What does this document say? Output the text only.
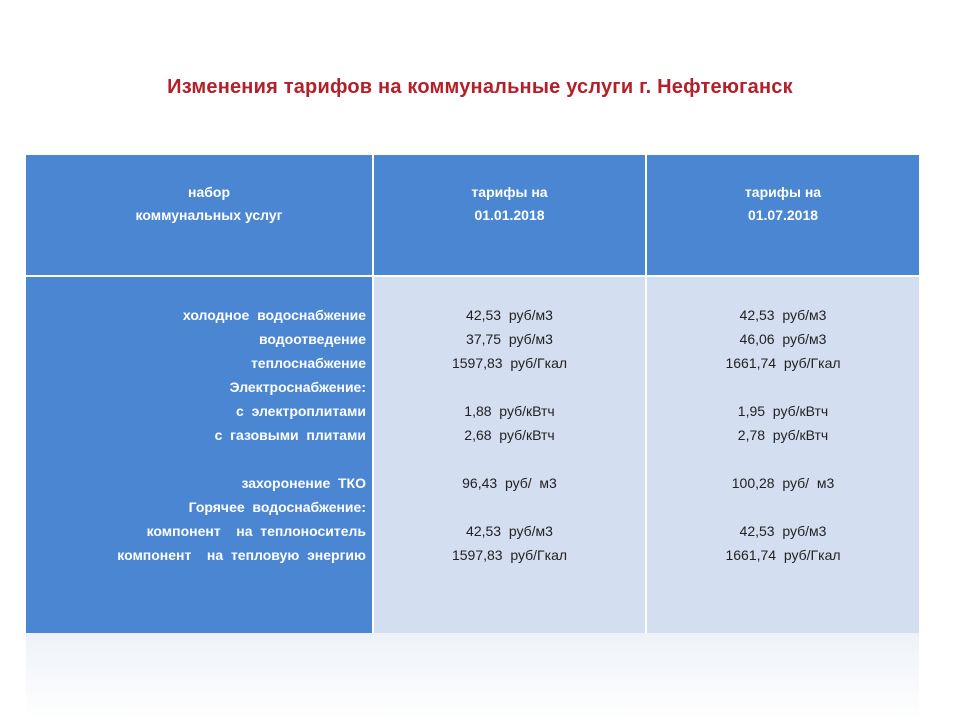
Изменения тарифов на коммунальные услуги г. Нефтеюганск
набор
коммунальных услуг
тарифы на
01.01.2018
тарифы на
01.07.2018
холодное  водоснабжение
водоотведение
теплоснабжение
Электроснабжение:
с  электроплитами
с  газовыми  плитами
захоронение  ТКО
Горячее  водоснабжение:
компонент    на  теплоноситель
компонент    на  тепловую  энергию
42,53  руб/м3
37,75  руб/м3
1597,83  руб/Гкал
1,88  руб/кВтч
2,68  руб/кВтч
96,43  руб/  м3
42,53  руб/м3
1597,83  руб/Гкал
42,53  руб/м3
46,06  руб/м3
1661,74  руб/Гкал
1,95  руб/кВтч
2,78  руб/кВтч
100,28  руб/  м3
42,53  руб/м3
1661,74  руб/Гкал
